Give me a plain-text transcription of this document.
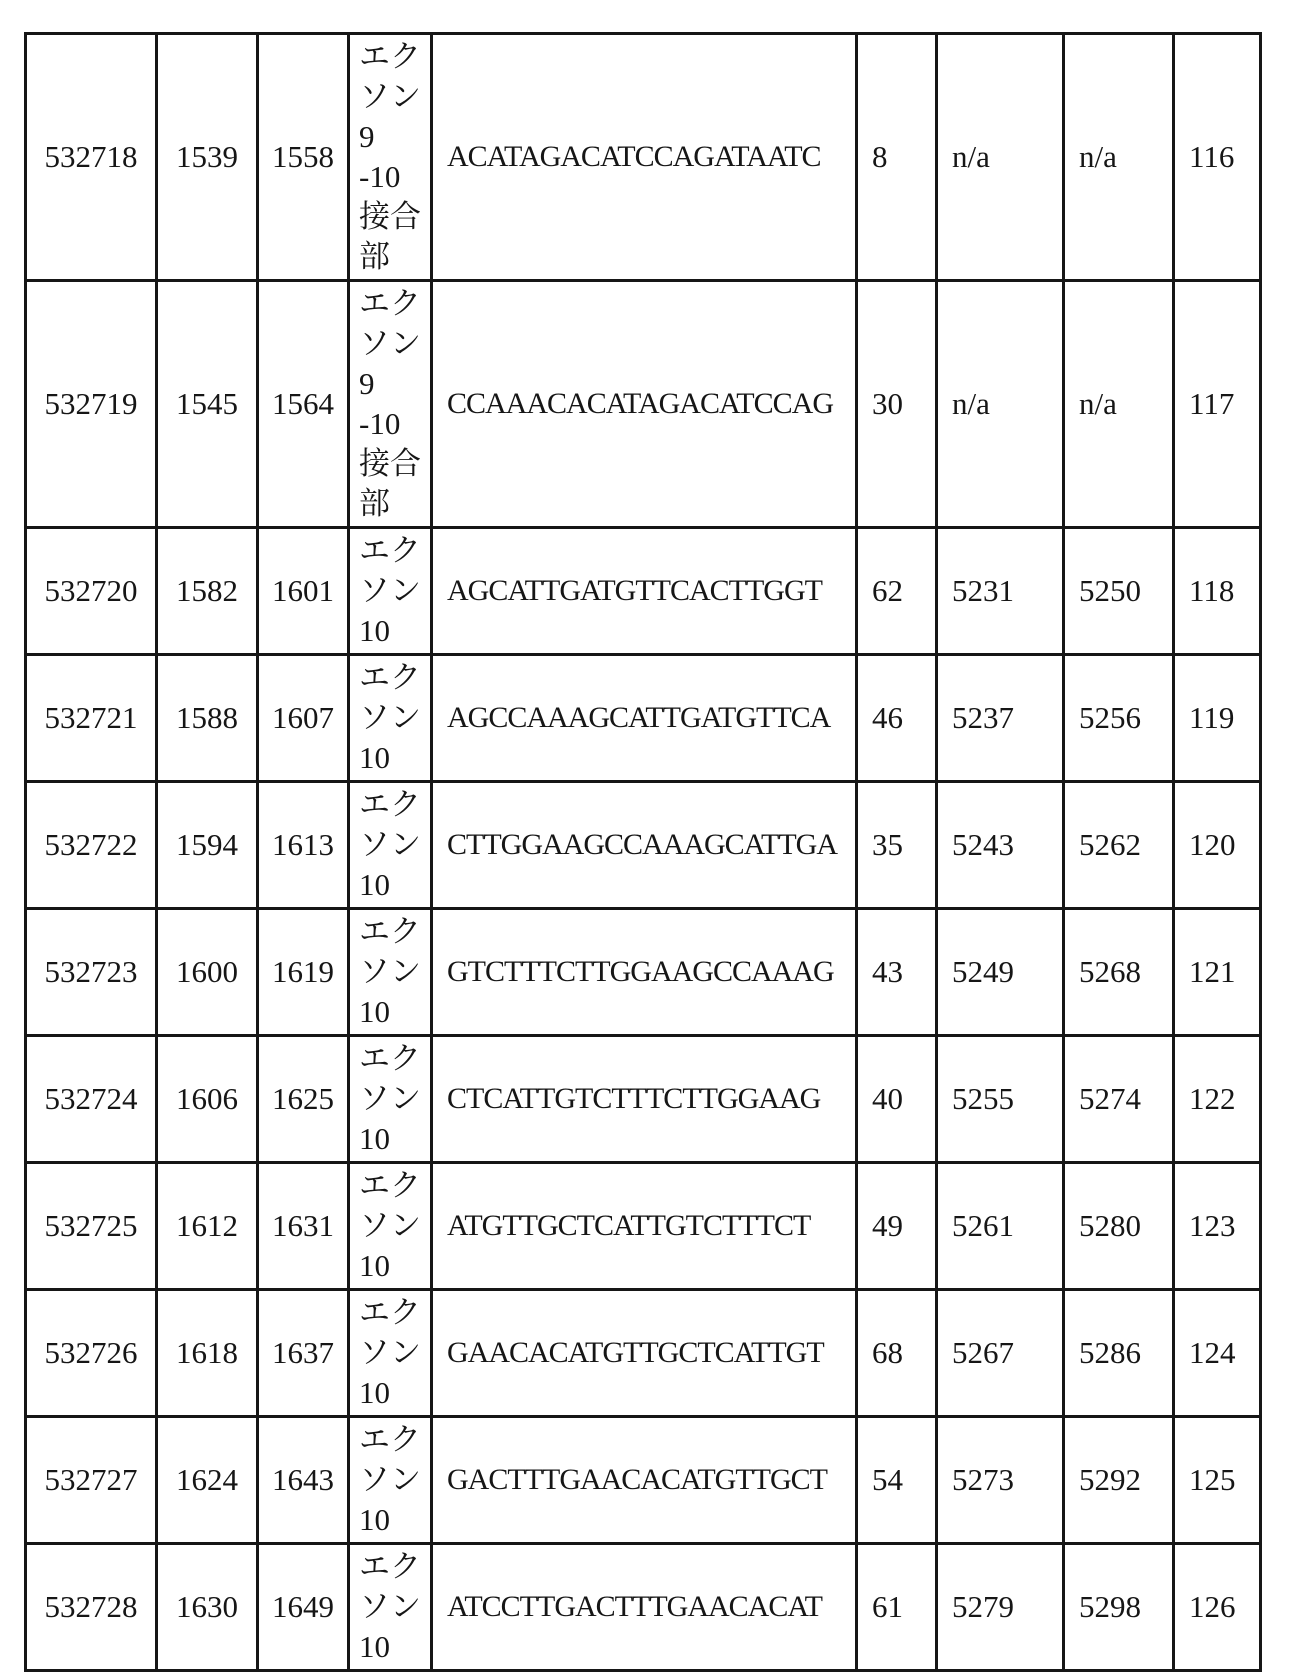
532718	1539	1558	エク
ソン
9
-10
接合
部	ACATAGACATCCAGATAATC	8	n/a	n/a	116
532719	1545	1564	エク
ソン
9
-10
接合
部	CCAAACACATAGACATCCAG	30	n/a	n/a	117
532720	1582	1601	エク
ソン
10	AGCATTGATGTTCACTTGGT	62	5231	5250	118
532721	1588	1607	エク
ソン
10	AGCCAAAGCATTGATGTTCA	46	5237	5256	119
532722	1594	1613	エク
ソン
10	CTTGGAAGCCAAAGCATTGA	35	5243	5262	120
532723	1600	1619	エク
ソン
10	GTCTTTCTTGGAAGCCAAAG	43	5249	5268	121
532724	1606	1625	エク
ソン
10	CTCATTGTCTTTCTTGGAAG	40	5255	5274	122
532725	1612	1631	エク
ソン
10	ATGTTGCTCATTGTCTTTCT	49	5261	5280	123
532726	1618	1637	エク
ソン
10	GAACACATGTTGCTCATTGT	68	5267	5286	124
532727	1624	1643	エク
ソン
10	GACTTTGAACACATGTTGCT	54	5273	5292	125
532728	1630	1649	エク
ソン
10	ATCCTTGACTTTGAACACAT	61	5279	5298	126
